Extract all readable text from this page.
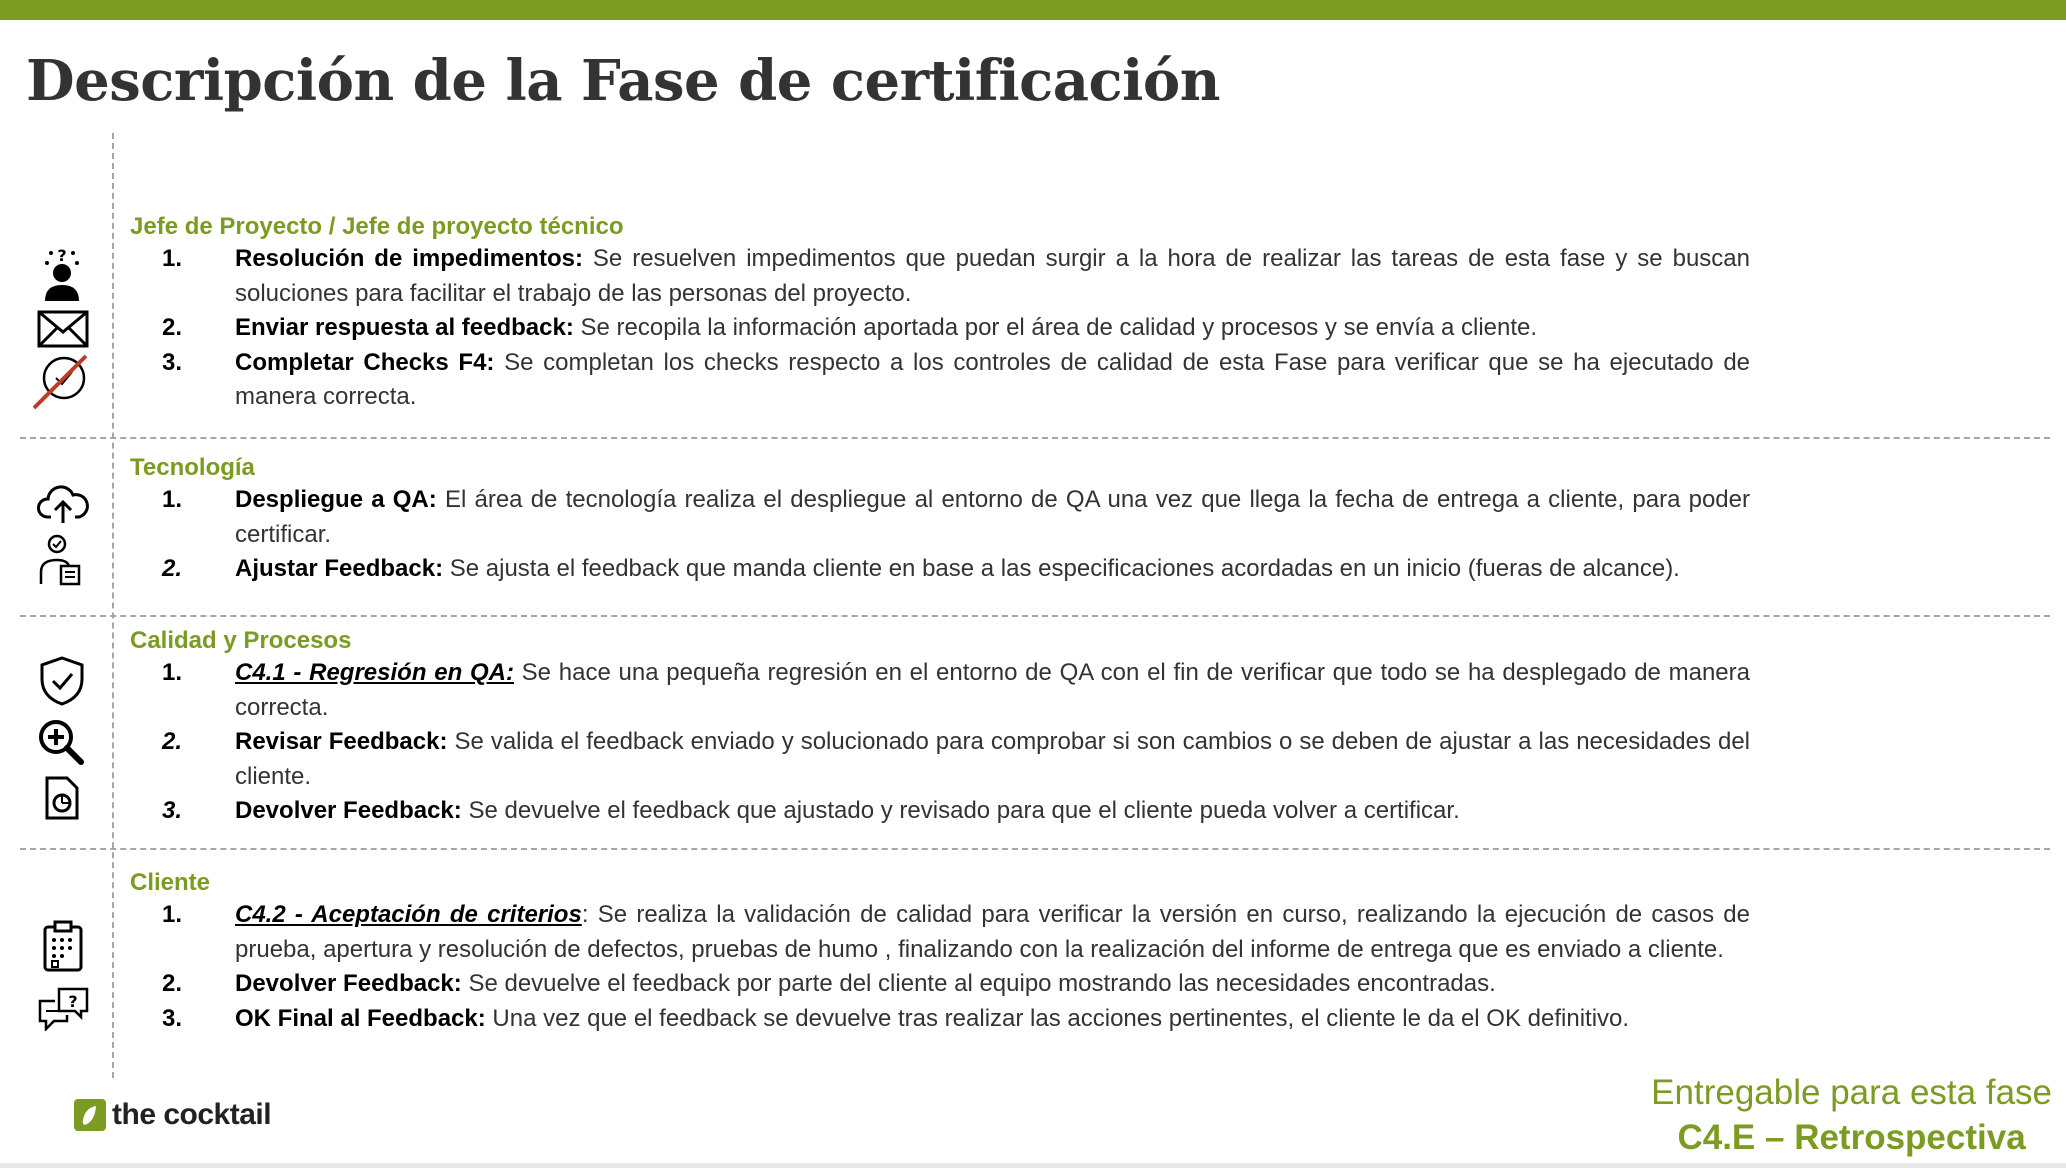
Descripción de la Fase de certificación
?
?
Jefe de Proyecto / Jefe de proyecto técnico
1. Resolución de impedimentos: Se resuelven impedimentos que puedan surgir a la hora de realizar las tareas de esta fase y se buscan soluciones para facilitar el trabajo de las personas del proyecto.
2. Enviar respuesta al feedback: Se recopila la información aportada por el área de calidad y procesos y se envía a cliente.
3. Completar Checks F4: Se completan los checks respecto a los controles de calidad de esta Fase para verificar que se ha ejecutado de manera correcta.
Tecnología
1. Despliegue a QA: El área de tecnología realiza el despliegue al entorno de QA una vez que llega la fecha de entrega a cliente, para poder certificar.
2. Ajustar Feedback: Se ajusta el feedback que manda cliente en base a las especificaciones acordadas en un inicio (fueras de alcance).
Calidad y Procesos
1. C4.1 - Regresión en QA: Se hace una pequeña regresión en el entorno de QA con el fin de verificar que todo se ha desplegado de manera correcta.
2. Revisar Feedback: Se valida el feedback enviado y solucionado para comprobar si son cambios o se deben de ajustar a las necesidades del cliente.
3. Devolver Feedback: Se devuelve el feedback que ajustado y revisado para que el cliente pueda volver a certificar.
Cliente
1. C4.2 - Aceptación de criterios: Se realiza la validación de calidad para verificar la versión en curso, realizando la ejecución de casos de prueba, apertura y resolución de defectos, pruebas de humo , finalizando con la realización del informe de entrega que es enviado a cliente.
2. Devolver Feedback: Se devuelve el feedback por parte del cliente al equipo mostrando las necesidades encontradas.
3. OK Final al Feedback: Una vez que el feedback se devuelve tras realizar las acciones pertinentes, el cliente le da el OK definitivo.
the cocktail
Entregable para esta fase
C4.E – Retrospectiva
